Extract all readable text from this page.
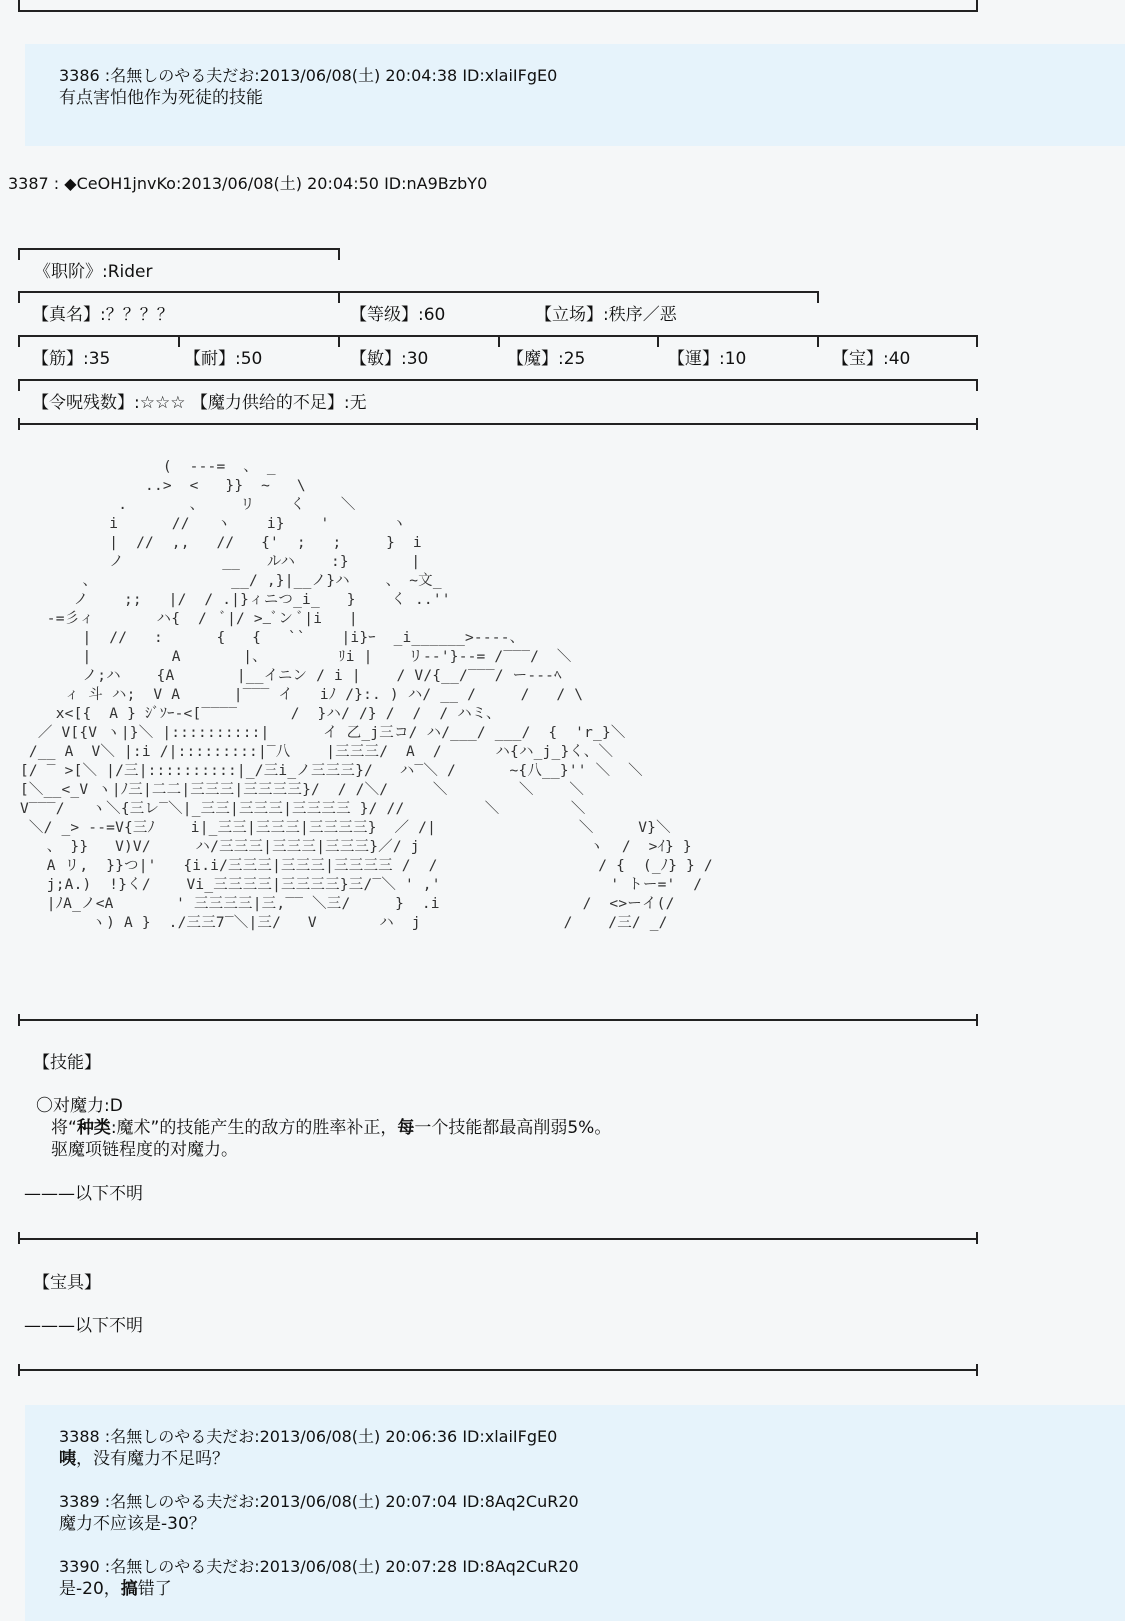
3386 :名無しのやる夫だお:2013/06/08(土) 20:04:38 ID:xlaiIFgE0
有点害怕他作为死徒的技能
3387 : ◆CeOH1jnvKo:2013/06/08(土) 20:04:50 ID:nA9BzbY0
《职阶》:Rider
【真名】:？？？？	【等级】:60	【立场】:秩序／恶
【筋】:35	【耐】:50	【敏】:30	【魔】:25	【運】:10	【宝】:40
【令呪残数】:☆☆☆ 【魔力供给的不足】:无
(  ---=  、 _
..>  <   }}  ~   \
.       、    リ    く    ＼
i      //   ヽ    i}    '       ヽ
|  //  ,,   //   {'  ;   ;     }  i
ノ           __   ルハ    :}       |
、               __/ ,}|__ノ}ハ    、 ~文_
ノ    ;;   |/  / .|}ィニつ_i_   }    く ..''
-=彡ィ       ハ{  /  ﾞ|/ >_ﾞン ﾞ|i   |
|  //   :      {   {   ``    |i}ｰ  _i______>----、
|         A       |、        ﾘi |    リ-‐'}--= /‾‾‾/  ＼
ノ;ハ    {A       |__イニン / i |    / V/{__/‾‾‾/ ー---ﾍ
ィ 斗 ハ;  V A      |‾‾‾ イ   iﾉ /}:. ) ハ/ __ /     /   / \
x<[{  A } ｼﾞｿｰ-<[‾‾‾‾      /  }ハ/ /} /  /  / ハミ、
／ V[{V ヽ|}＼ |::::::::::|      イ 乙_j三コ/ ハ/___/ ___/  {  'r_}＼
/__ A  V＼ |:i /|:::::::::|‾八    |三三三/  A  /      ハ{ハ_j_}く、＼
[/ ‾ >[＼ |/三|::::::::::|_/三i_ノ三三三}/   ハ‾＼ /      ~{八__}'' ＼  ＼
[＼__<_V ヽ|ﾉ三|二二|三三三|三三三三}/  / /＼/     ＼        ＼    ＼
V‾‾‾/   ヽ＼{三レ‾＼|_三三|三三三|三三三三 }/ //         ＼        ＼
＼/ _> --=V{三ﾉ    i|_三三|三三三|三三三三}  ／ /|                ＼     V}＼
、 }}   V)V/     ハ/三三三|三三三|三三三}／/ j                   ヽ  /  >ｲ} }
A リ,  }}つ|'   {i.i/三三三|三三三|三三三三 /  /                  / {  (_ﾉ} } /
j;A.)  !}く/    Vi_三三三三|三三三三}三/‾＼ ' ,'                   ' トー='  /
|ﾉA_ノ<A       ' 三三三三|三,‾‾ ＼三/     }  .i                /  <>ーイ(/
ヽ) A }  ./三三7‾＼|三/   V       ハ  j                /    /三/ _/
【技能】
〇对魔力:D
将“种类:魔术”的技能产生的敌方的胜率补正，每一个技能都最高削弱5%。
驱魔项链程度的对魔力。
———以下不明
【宝具】
———以下不明
3388 :名無しのやる夫だお:2013/06/08(土) 20:06:36 ID:xlaiIFgE0
咦，没有魔力不足吗？
3389 :名無しのやる夫だお:2013/06/08(土) 20:07:04 ID:8Aq2CuR20
魔力不应该是-30？
3390 :名無しのやる夫だお:2013/06/08(土) 20:07:28 ID:8Aq2CuR20
是-20，搞错了
